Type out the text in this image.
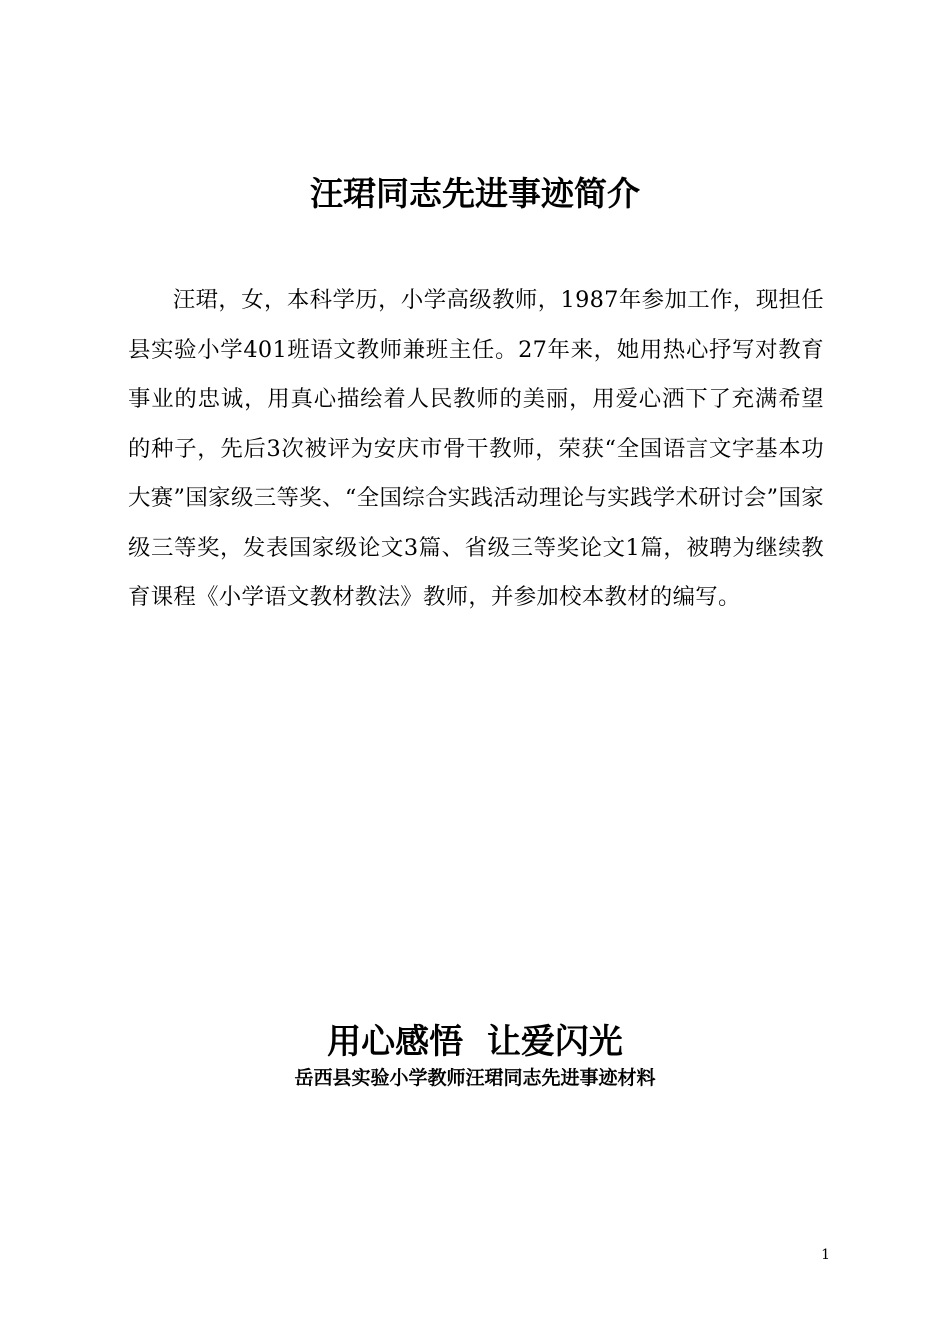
汪珺同志先进事迹简介

汪珺，女，本科学历，小学高级教师，1987年参加工作，现担任县实验小学401班语文教师兼班主任。27年来，她用热心抒写对教育事业的忠诚，用真心描绘着人民教师的美丽，用爱心洒下了充满希望的种子，先后3次被评为安庆市骨干教师，荣获“全国语言文字基本功大赛”国家级三等奖、“全国综合实践活动理论与实践学术研讨会”国家级三等奖，发表国家级论文3篇、省级三等奖论文1篇，被聘为继续教育课程《小学语文教材教法》教师，并参加校本教材的编写。

用心感悟  让爱闪光

岳西县实验小学教师汪珺同志先进事迹材料

1
